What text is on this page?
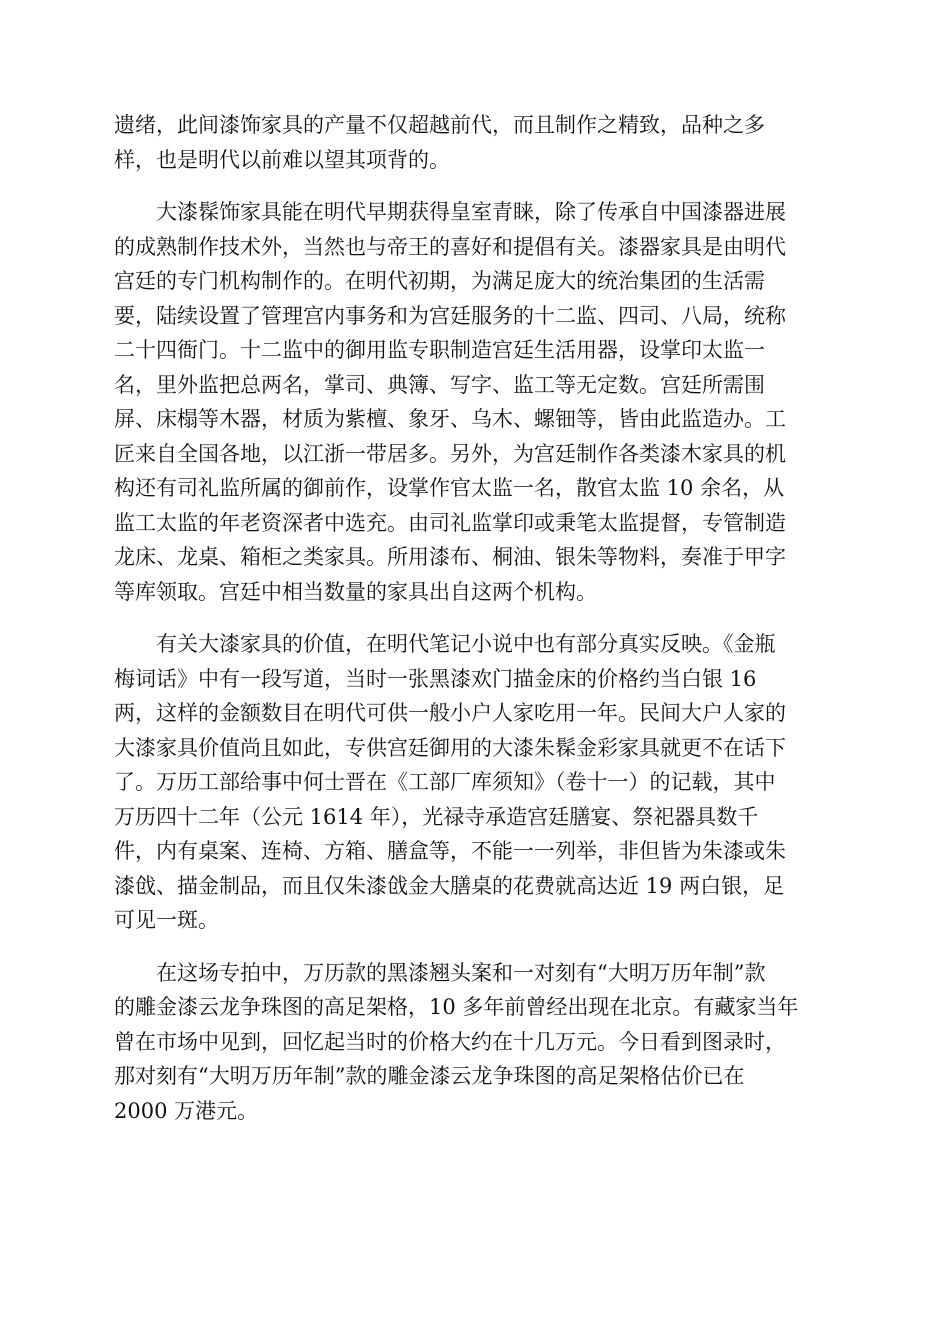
遗绪，此间漆饰家具的产量不仅超越前代，而且制作之精致，品种之多
样，也是明代以前难以望其项背的。
　　大漆髹饰家具能在明代早期获得皇室青睐，除了传承自中国漆器进展
的成熟制作技术外，当然也与帝王的喜好和提倡有关。漆器家具是由明代
宫廷的专门机构制作的。在明代初期，为满足庞大的统治集团的生活需
要，陆续设置了管理宫内事务和为宫廷服务的十二监、四司、八局，统称
二十四衙门。十二监中的御用监专职制造宫廷生活用器，设掌印太监一
名，里外监把总两名，掌司、典簿、写字、监工等无定数。宫廷所需围
屏、床榻等木器，材质为紫檀、象牙、乌木、螺钿等，皆由此监造办。工
匠来自全国各地，以江浙一带居多。另外，为宫廷制作各类漆木家具的机
构还有司礼监所属的御前作，设掌作官太监一名，散官太监 10 余名，从
监工太监的年老资深者中选充。由司礼监掌印或秉笔太监提督，专管制造
龙床、龙桌、箱柜之类家具。所用漆布、桐油、银朱等物料，奏准于甲字
等库领取。宫廷中相当数量的家具出自这两个机构。
　　有关大漆家具的价值，在明代笔记小说中也有部分真实反映。《金瓶
梅词话》中有一段写道，当时一张黑漆欢门描金床的价格约当白银 16
两，这样的金额数目在明代可供一般小户人家吃用一年。民间大户人家的
大漆家具价值尚且如此，专供宫廷御用的大漆朱髹金彩家具就更不在话下
了。万历工部给事中何士晋在《工部厂库须知》（卷十一）的记载，其中
万历四十二年（公元 1614 年），光禄寺承造宫廷膳宴、祭祀器具数千
件，内有桌案、连椅、方箱、膳盒等，不能一一列举，非但皆为朱漆或朱
漆戗、描金制品，而且仅朱漆戗金大膳桌的花费就高达近 19 两白银，足
可见一斑。
　　在这场专拍中，万历款的黑漆翘头案和一对刻有“大明万历年制”款
的雕金漆云龙争珠图的高足架格，10 多年前曾经出现在北京。有藏家当年
曾在市场中见到，回忆起当时的价格大约在十几万元。今日看到图录时，
那对刻有“大明万历年制”款的雕金漆云龙争珠图的高足架格估价已在
2000 万港元。
